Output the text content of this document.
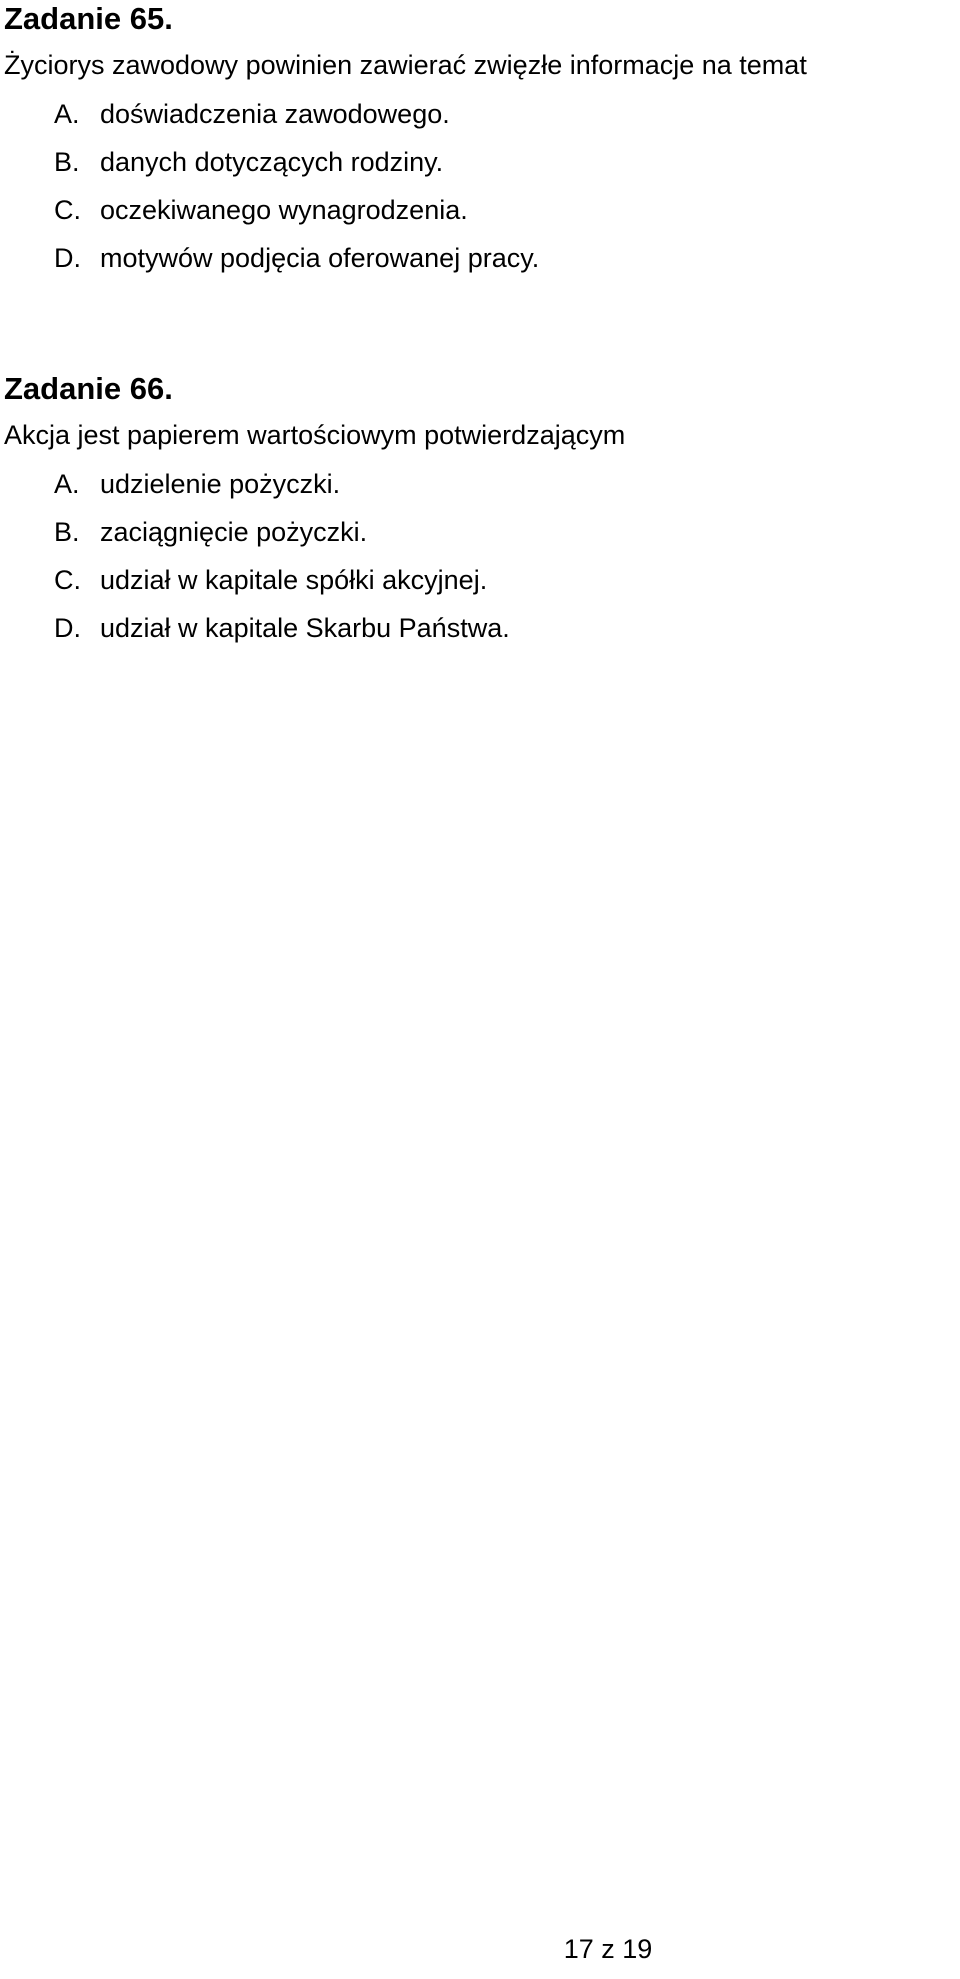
Zadanie 65.

Życiorys zawodowy powinien zawierać zwięzłe informacje na temat

A. doświadczenia zawodowego.
B. danych dotyczących rodziny.
C. oczekiwanego wynagrodzenia.
D. motywów podjęcia oferowanej pracy.
Zadanie 66.

Akcja jest papierem wartościowym potwierdzającym

A. udzielenie pożyczki.
B. zaciągnięcie pożyczki.
C. udział w kapitale spółki akcyjnej.
D. udział w kapitale Skarbu Państwa.
17 z 19
